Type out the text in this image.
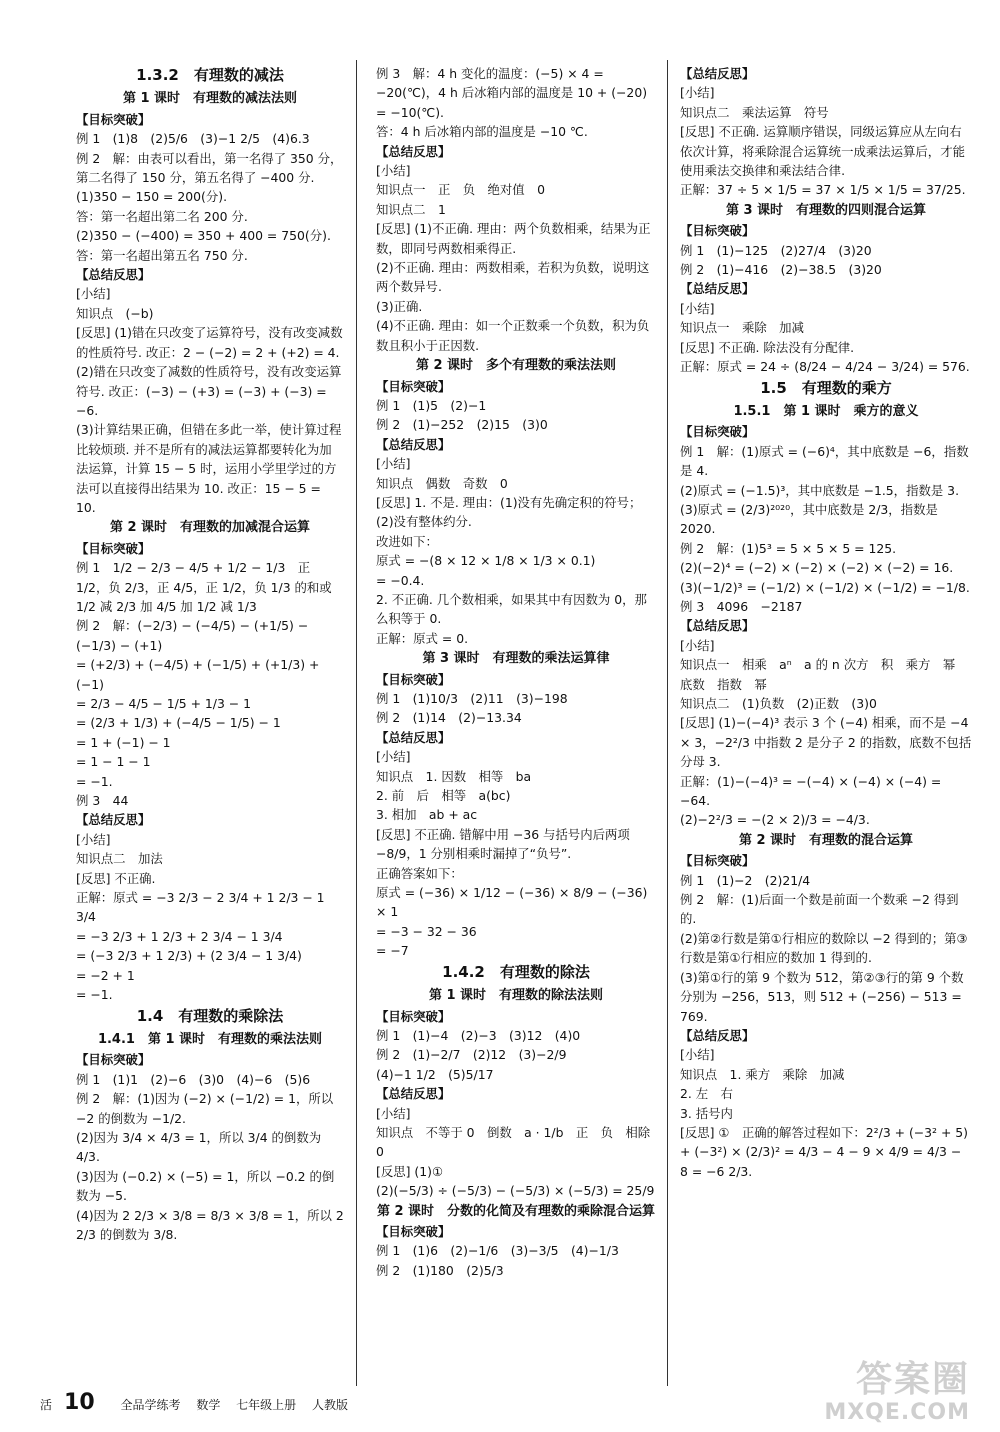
1.3.2　有理数的减法
第 1 课时　有理数的减法法则
【目标突破】
例 1　(1)8　(2)5/6　(3)−1 2/5　(4)6.3
例 2　解：由表可以看出，第一名得了 350 分，第二名得了 150 分，第五名得了 −400 分.
(1)350 − 150 = 200(分).
答：第一名超出第二名 200 分.
(2)350 − (−400) = 350 + 400 = 750(分).
答：第一名超出第五名 750 分.
【总结反思】
[小结]
知识点　(−b)
[反思] (1)错在只改变了运算符号，没有改变减数的性质符号. 改正：2 − (−2) = 2 + (+2) = 4.
(2)错在只改变了减数的性质符号，没有改变运算符号. 改正：(−3) − (+3) = (−3) + (−3) = −6.
(3)计算结果正确，但错在多此一举，使计算过程比较烦琐. 并不是所有的减法运算都要转化为加法运算，计算 15 − 5 时，运用小学里学过的方法可以直接得出结果为 10. 改正：15 − 5 = 10.
第 2 课时　有理数的加减混合运算
【目标突破】
例 1　1/2 − 2/3 − 4/5 + 1/2 − 1/3　正 1/2，负 2/3，正 4/5，正 1/2，负 1/3 的和或 1/2 减 2/3 加 4/5 加 1/2 减 1/3
例 2　解：(−2/3) − (−4/5) − (+1/5) − (−1/3) − (+1)
= (+2/3) + (−4/5) + (−1/5) + (+1/3) + (−1)
= 2/3 − 4/5 − 1/5 + 1/3 − 1
= (2/3 + 1/3) + (−4/5 − 1/5) − 1
= 1 + (−1) − 1
= 1 − 1 − 1
= −1.
例 3　44
【总结反思】
[小结]
知识点二　加法
[反思] 不正确.
正解：原式 = −3 2/3 − 2 3/4 + 1 2/3 − 1 3/4
= −3 2/3 + 1 2/3 + 2 3/4 − 1 3/4
= (−3 2/3 + 1 2/3) + (2 3/4 − 1 3/4)
= −2 + 1
= −1.
1.4　有理数的乘除法
1.4.1　第 1 课时　有理数的乘法法则
【目标突破】
例 1　(1)1　(2)−6　(3)0　(4)−6　(5)6
例 2　解：(1)因为 (−2) × (−1/2) = 1，所以 −2 的倒数为 −1/2.
(2)因为 3/4 × 4/3 = 1，所以 3/4 的倒数为 4/3.
(3)因为 (−0.2) × (−5) = 1，所以 −0.2 的倒数为 −5.
(4)因为 2 2/3 × 3/8 = 8/3 × 3/8 = 1，所以 2 2/3 的倒数为 3/8.
例 3　解：4 h 变化的温度：(−5) × 4 = −20(℃)，4 h 后冰箱内部的温度是 10 + (−20) = −10(℃).
答：4 h 后冰箱内部的温度是 −10 ℃.
【总结反思】
[小结]
知识点一　正　负　绝对值　0
知识点二　1
[反思] (1)不正确. 理由：两个负数相乘，结果为正数，即同号两数相乘得正.
(2)不正确. 理由：两数相乘，若积为负数，说明这两个数异号.
(3)正确.
(4)不正确. 理由：如一个正数乘一个负数，积为负数且积小于正因数.
第 2 课时　多个有理数的乘法法则
【目标突破】
例 1　(1)5　(2)−1
例 2　(1)−252　(2)15　(3)0
【总结反思】
[小结]
知识点　偶数　奇数　0
[反思] 1. 不是. 理由：(1)没有先确定积的符号；(2)没有整体约分.
改进如下：
原式 = −(8 × 12 × 1/8 × 1/3 × 0.1)
= −0.4.
2. 不正确. 几个数相乘，如果其中有因数为 0，那么积等于 0.
正解：原式 = 0.
第 3 课时　有理数的乘法运算律
【目标突破】
例 1　(1)10/3　(2)11　(3)−198
例 2　(1)14　(2)−13.34
【总结反思】
[小结]
知识点　1. 因数　相等　ba
2. 前　后　相等　a(bc)
3. 相加　ab + ac
[反思] 不正确. 错解中用 −36 与括号内后两项 −8/9，1 分别相乘时漏掉了“负号”.
正确答案如下：
原式 = (−36) × 1/12 − (−36) × 8/9 − (−36) × 1
= −3 − 32 − 36
= −7
1.4.2　有理数的除法
第 1 课时　有理数的除法法则
【目标突破】
例 1　(1)−4　(2)−3　(3)12　(4)0
例 2　(1)−2/7　(2)12　(3)−2/9
(4)−1 1/2　(5)5/17
【总结反思】
[小结]
知识点　不等于 0　倒数　a · 1/b　正　负　相除　0
[反思] (1)①
(2)(−5/3) ÷ (−5/3) − (−5/3) × (−5/3) = 25/9
第 2 课时　分数的化简及有理数的乘除混合运算
【目标突破】
例 1　(1)6　(2)−1/6　(3)−3/5　(4)−1/3
例 2　(1)180　(2)5/3
【总结反思】
[小结]
知识点二　乘法运算　符号
[反思] 不正确. 运算顺序错误，同级运算应从左向右依次计算，将乘除混合运算统一成乘法运算后，才能使用乘法交换律和乘法结合律.
正解：37 ÷ 5 × 1/5 = 37 × 1/5 × 1/5 = 37/25.
第 3 课时　有理数的四则混合运算
【目标突破】
例 1　(1)−125　(2)27/4　(3)20
例 2　(1)−416　(2)−38.5　(3)20
【总结反思】
[小结]
知识点一　乘除　加减
[反思] 不正确. 除法没有分配律.
正解：原式 = 24 ÷ (8/24 − 4/24 − 3/24) = 576.
1.5　有理数的乘方
1.5.1　第 1 课时　乘方的意义
【目标突破】
例 1　解：(1)原式 = (−6)⁴，其中底数是 −6，指数是 4.
(2)原式 = (−1.5)³，其中底数是 −1.5，指数是 3.
(3)原式 = (2/3)²⁰²⁰，其中底数是 2/3，指数是 2020.
例 2　解：(1)5³ = 5 × 5 × 5 = 125.
(2)(−2)⁴ = (−2) × (−2) × (−2) × (−2) = 16.
(3)(−1/2)³ = (−1/2) × (−1/2) × (−1/2) = −1/8.
例 3　4096　−2187
【总结反思】
[小结]
知识点一　相乘　aⁿ　a 的 n 次方　积　乘方　幂　底数　指数　幂
知识点二　(1)负数　(2)正数　(3)0
[反思] (1)−(−4)³ 表示 3 个 (−4) 相乘，而不是 −4 × 3，−2²/3 中指数 2 是分子 2 的指数，底数不包括分母 3.
正解：(1)−(−4)³ = −(−4) × (−4) × (−4) = −64.
(2)−2²/3 = −(2 × 2)/3 = −4/3.
第 2 课时　有理数的混合运算
【目标突破】
例 1　(1)−2　(2)21/4
例 2　解：(1)后面一个数是前面一个数乘 −2 得到的.
(2)第②行数是第①行相应的数除以 −2 得到的；第③行数是第①行相应的数加 1 得到的.
(3)第①行的第 9 个数为 512，第②③行的第 9 个数分别为 −256，513，则 512 + (−256) − 513 = 769.
【总结反思】
[小结]
知识点　1. 乘方　乘除　加减
2. 左　右
3. 括号内
[反思] ①　正确的解答过程如下：2²/3 + (−3² + 5) + (−3²) × (2/3)² = 4/3 − 4 − 9 × 4/9 = 4/3 − 8 = −6 2/3.
活 10 全品学练考 数学 七年级上册 人教版
答案圈
MXQE.COM
